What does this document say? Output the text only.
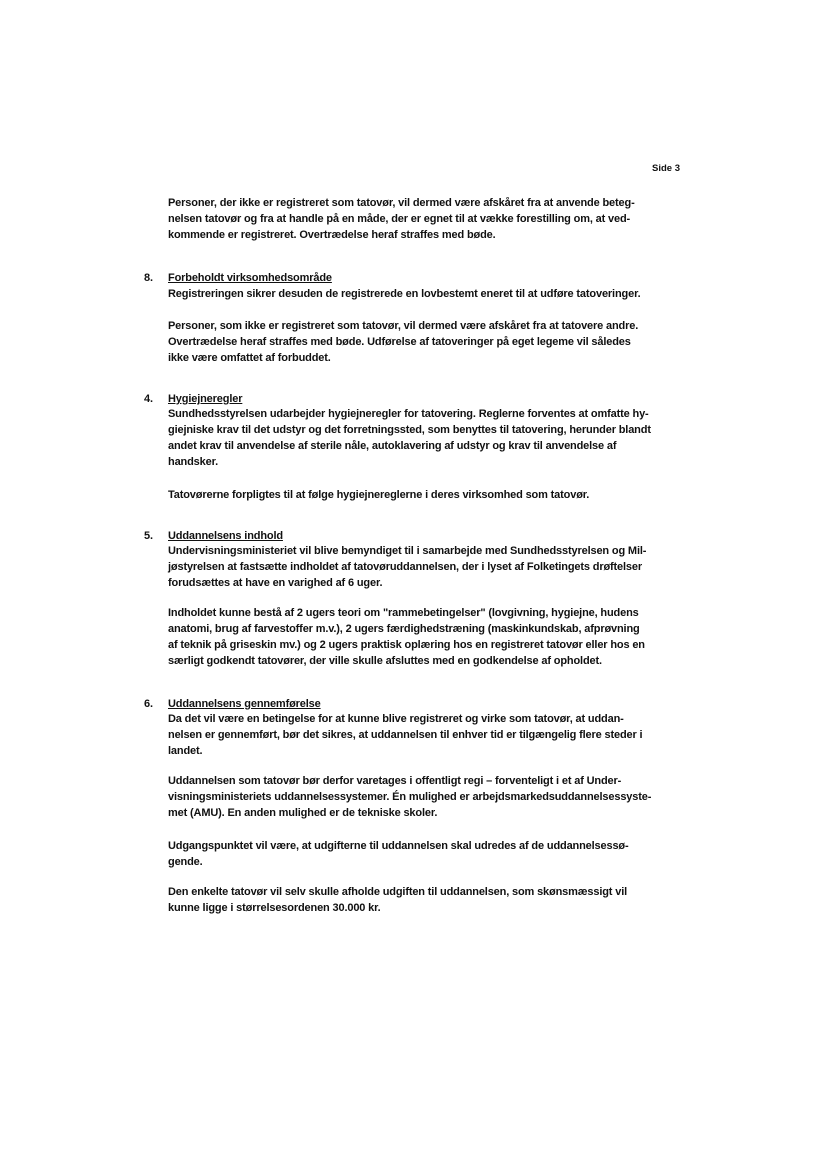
Side 3
Personer, der ikke er registreret som tatovør, vil dermed være afskåret fra at anvende beteg-
nelsen tatovør og fra at handle på en måde, der er egnet til at vække forestilling om, at ved-
kommende er registreret. Overtrædelse heraf straffes med bøde.
8. Forbeholdt virksomhedsområde
Registreringen sikrer desuden de registrerede en lovbestemt eneret til at udføre tatoveringer.
Personer, som ikke er registreret som tatovør, vil dermed være afskåret fra at tatovere andre.
Overtrædelse heraf straffes med bøde. Udførelse af tatoveringer på eget legeme vil således
ikke være omfattet af forbuddet.
4. Hygiejneregler
Sundhedsstyrelsen udarbejder hygiejneregler for tatovering. Reglerne forventes at omfatte hy-
giejniske krav til det udstyr og det forretningssted, som benyttes til tatovering, herunder blandt
andet krav til anvendelse af sterile nåle, autoklavering af udstyr og krav til anvendelse af
handsker.
Tatovørerne forpligtes til at følge hygiejnereglerne i deres virksomhed som tatovør.
5. Uddannelsens indhold
Undervisningsministeriet vil blive bemyndiget til i samarbejde med Sundhedsstyrelsen og Mil-
jøstyrelsen at fastsætte indholdet af tatovøruddannelsen, der i lyset af Folketingets drøftelser
forudsættes at have en varighed af 6 uger.
Indholdet kunne bestå af 2 ugers teori om "rammebetingelser" (lovgivning, hygiejne, hudens
anatomi, brug af farvestoffer m.v.), 2 ugers færdighedstræning (maskinkundskab, afprøvning
af teknik på griseskin mv.) og 2 ugers praktisk oplæring hos en registreret tatovør eller hos en
særligt godkendt tatovører, der ville skulle afsluttes med en godkendelse af opholdet.
6. Uddannelsens gennemførelse
Da det vil være en betingelse for at kunne blive registreret og virke som tatovør, at uddan-
nelsen er gennemført, bør det sikres, at uddannelsen til enhver tid er tilgængelig flere steder i
landet.
Uddannelsen som tatovør bør derfor varetages i offentligt regi – forventeligt i et af Under-
visningsministeriets uddannelsessystemer. Én mulighed er arbejdsmarkedsuddannelsessyste-
met (AMU). En anden mulighed er de tekniske skoler.
Udgangspunktet vil være, at udgifterne til uddannelsen skal udredes af de uddannelsessø-
gende.
Den enkelte tatovør vil selv skulle afholde udgiften til uddannelsen, som skønsmæssigt vil
kunne ligge i størrelsesordenen 30.000 kr.
